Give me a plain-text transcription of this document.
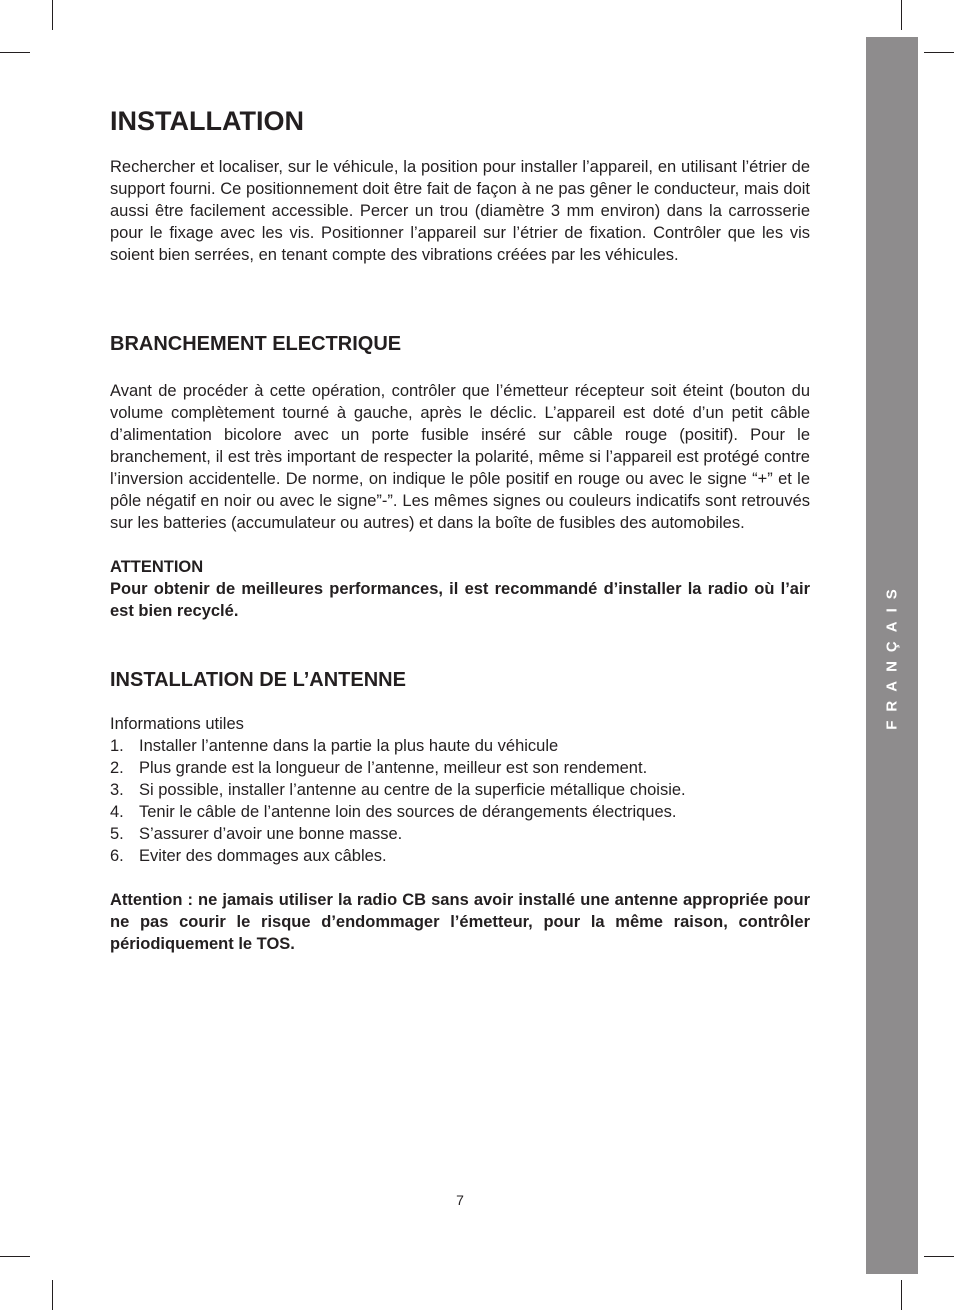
FRANÇAIS
INSTALLATION

Rechercher et localiser, sur le véhicule, la position pour installer l’appareil, en utilisant l’étrier de support fourni. Ce positionnement doit être fait de façon à ne pas gêner le conducteur, mais doit aussi être facilement accessible. Percer un trou (diamètre 3 mm environ) dans la carrosserie pour le fixage avec les vis. Positionner l’appareil sur l’étrier de fixation. Contrôler que les vis soient bien serrées, en tenant compte des vibrations créées par les véhicules.

BRANCHEMENT ELECTRIQUE

Avant de procéder à cette opération, contrôler que l’émetteur récepteur soit éteint (bouton du volume complètement tourné à gauche, après le déclic. L’appareil est doté d’un petit câble d’alimentation bicolore avec un porte fusible inséré sur câble rouge (positif). Pour le branchement, il est très important de respecter la polarité, même si l’appareil est protégé contre l’inversion accidentelle. De norme, on indique le pôle positif en rouge ou avec le signe “+” et le pôle négatif en noir ou avec le signe”-”. Les mêmes signes ou couleurs indicatifs sont retrouvés sur les batteries (accumulateur ou autres) et dans la boîte de fusibles des automobiles.

ATTENTION

Pour obtenir de meilleures performances, il est recommandé d’installer la radio où l’air est bien recyclé.

INSTALLATION DE L’ANTENNE

Informations utiles

1. Installer l’antenne dans la partie la plus haute du véhicule
2. Plus grande est la longueur de l’antenne, meilleur est son rendement.
3. Si possible, installer l’antenne au centre de la superficie métallique choisie.
4. Tenir le câble de l’antenne loin des sources de dérangements électriques.
5. S’assurer d’avoir une bonne masse.
6. Eviter des dommages aux câbles.

Attention : ne jamais utiliser la radio CB sans avoir installé une antenne appropriée pour ne pas courir le risque d’endommager l’émetteur, pour la même raison, contrôler périodiquement le TOS.

7
